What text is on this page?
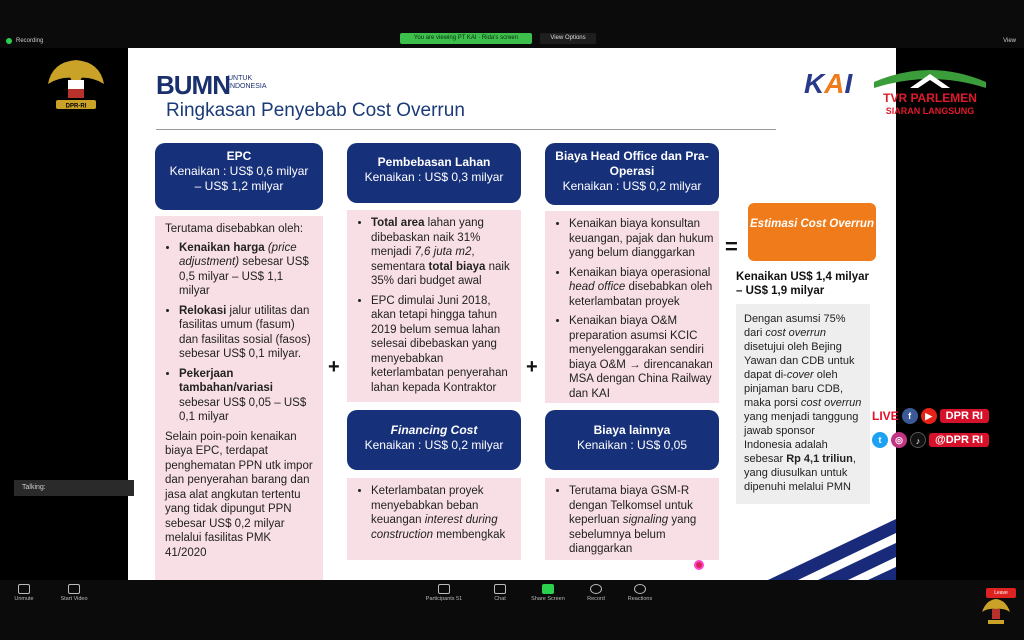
Recording	You are viewing PT KAI · Rida's screen	View Options	View
DPR-RI
BUMN
UNTUK
INDONESIA
Ringkasan Penyebab Cost Overrun
KAI
EPC
Kenaikan : US$ 0,6 milyar
– US$ 1,2 milyar
Terutama disebabkan oleh:
• Kenaikan harga (price adjustment) sebesar US$ 0,5 milyar – US$ 1,1 milyar
• Relokasi jalur utilitas dan fasilitas umum (fasum) dan fasilitas sosial (fasos) sebesar US$ 0,1 milyar.
• Pekerjaan tambahan/variasi sebesar US$ 0,05 – US$ 0,1 milyar
Selain poin-poin kenaikan biaya EPC, terdapat penghematan PPN utk impor dan penyerahan barang dan jasa alat angkutan tertentu yang tidak dipungut PPN sebesar US$ 0,2 milyar melalui fasilitas PMK 41/2020
+
Pembebasan Lahan
Kenaikan : US$ 0,3 milyar
• Total area lahan yang dibebaskan naik 31% menjadi 7,6 juta m2, sementara total biaya naik 35% dari budget awal
• EPC dimulai Juni 2018, akan tetapi hingga tahun 2019 belum semua lahan selesai dibebaskan yang menyebabkan keterlambatan penyerahan lahan kepada Kontraktor
Financing Cost
Kenaikan : US$ 0,2 milyar
• Keterlambatan proyek menyebabkan beban keuangan interest during construction membengkak
+
Biaya Head Office dan Pra-Operasi
Kenaikan : US$ 0,2 milyar
• Kenaikan biaya konsultan keuangan, pajak dan hukum yang belum dianggarkan
• Kenaikan biaya operasional head office disebabkan oleh keterlambatan proyek
• Kenaikan biaya O&M preparation asumsi KCIC menyelenggarakan sendiri biaya O&M → direncanakan MSA dengan China Railway dan KAI
Biaya lainnya
Kenaikan : US$ 0,05
• Terutama biaya GSM-R dengan Telkomsel untuk keperluan signaling yang sebelumnya belum dianggarkan
=
Estimasi Cost Overrun
Kenaikan US$ 1,4 milyar
– US$ 1,9 milyar
Dengan asumsi 75% dari cost overrun disetujui oleh Bejing Yawan dan CDB untuk dapat di-cover oleh pinjaman baru CDB, maka porsi cost overrun yang menjadi tanggung jawab sponsor Indonesia adalah sebesar Rp 4,1 triliun, yang diusulkan untuk dipenuhi melalui PMN
TVR PARLEMEN
SIARAN LANGSUNG
LIVE	f	▶	DPR RI
t	◎	♪	@DPR RI
Talking:
Unmute	Start Video	Participants 51	Chat	Share Screen	Record	Reactions
Leave
